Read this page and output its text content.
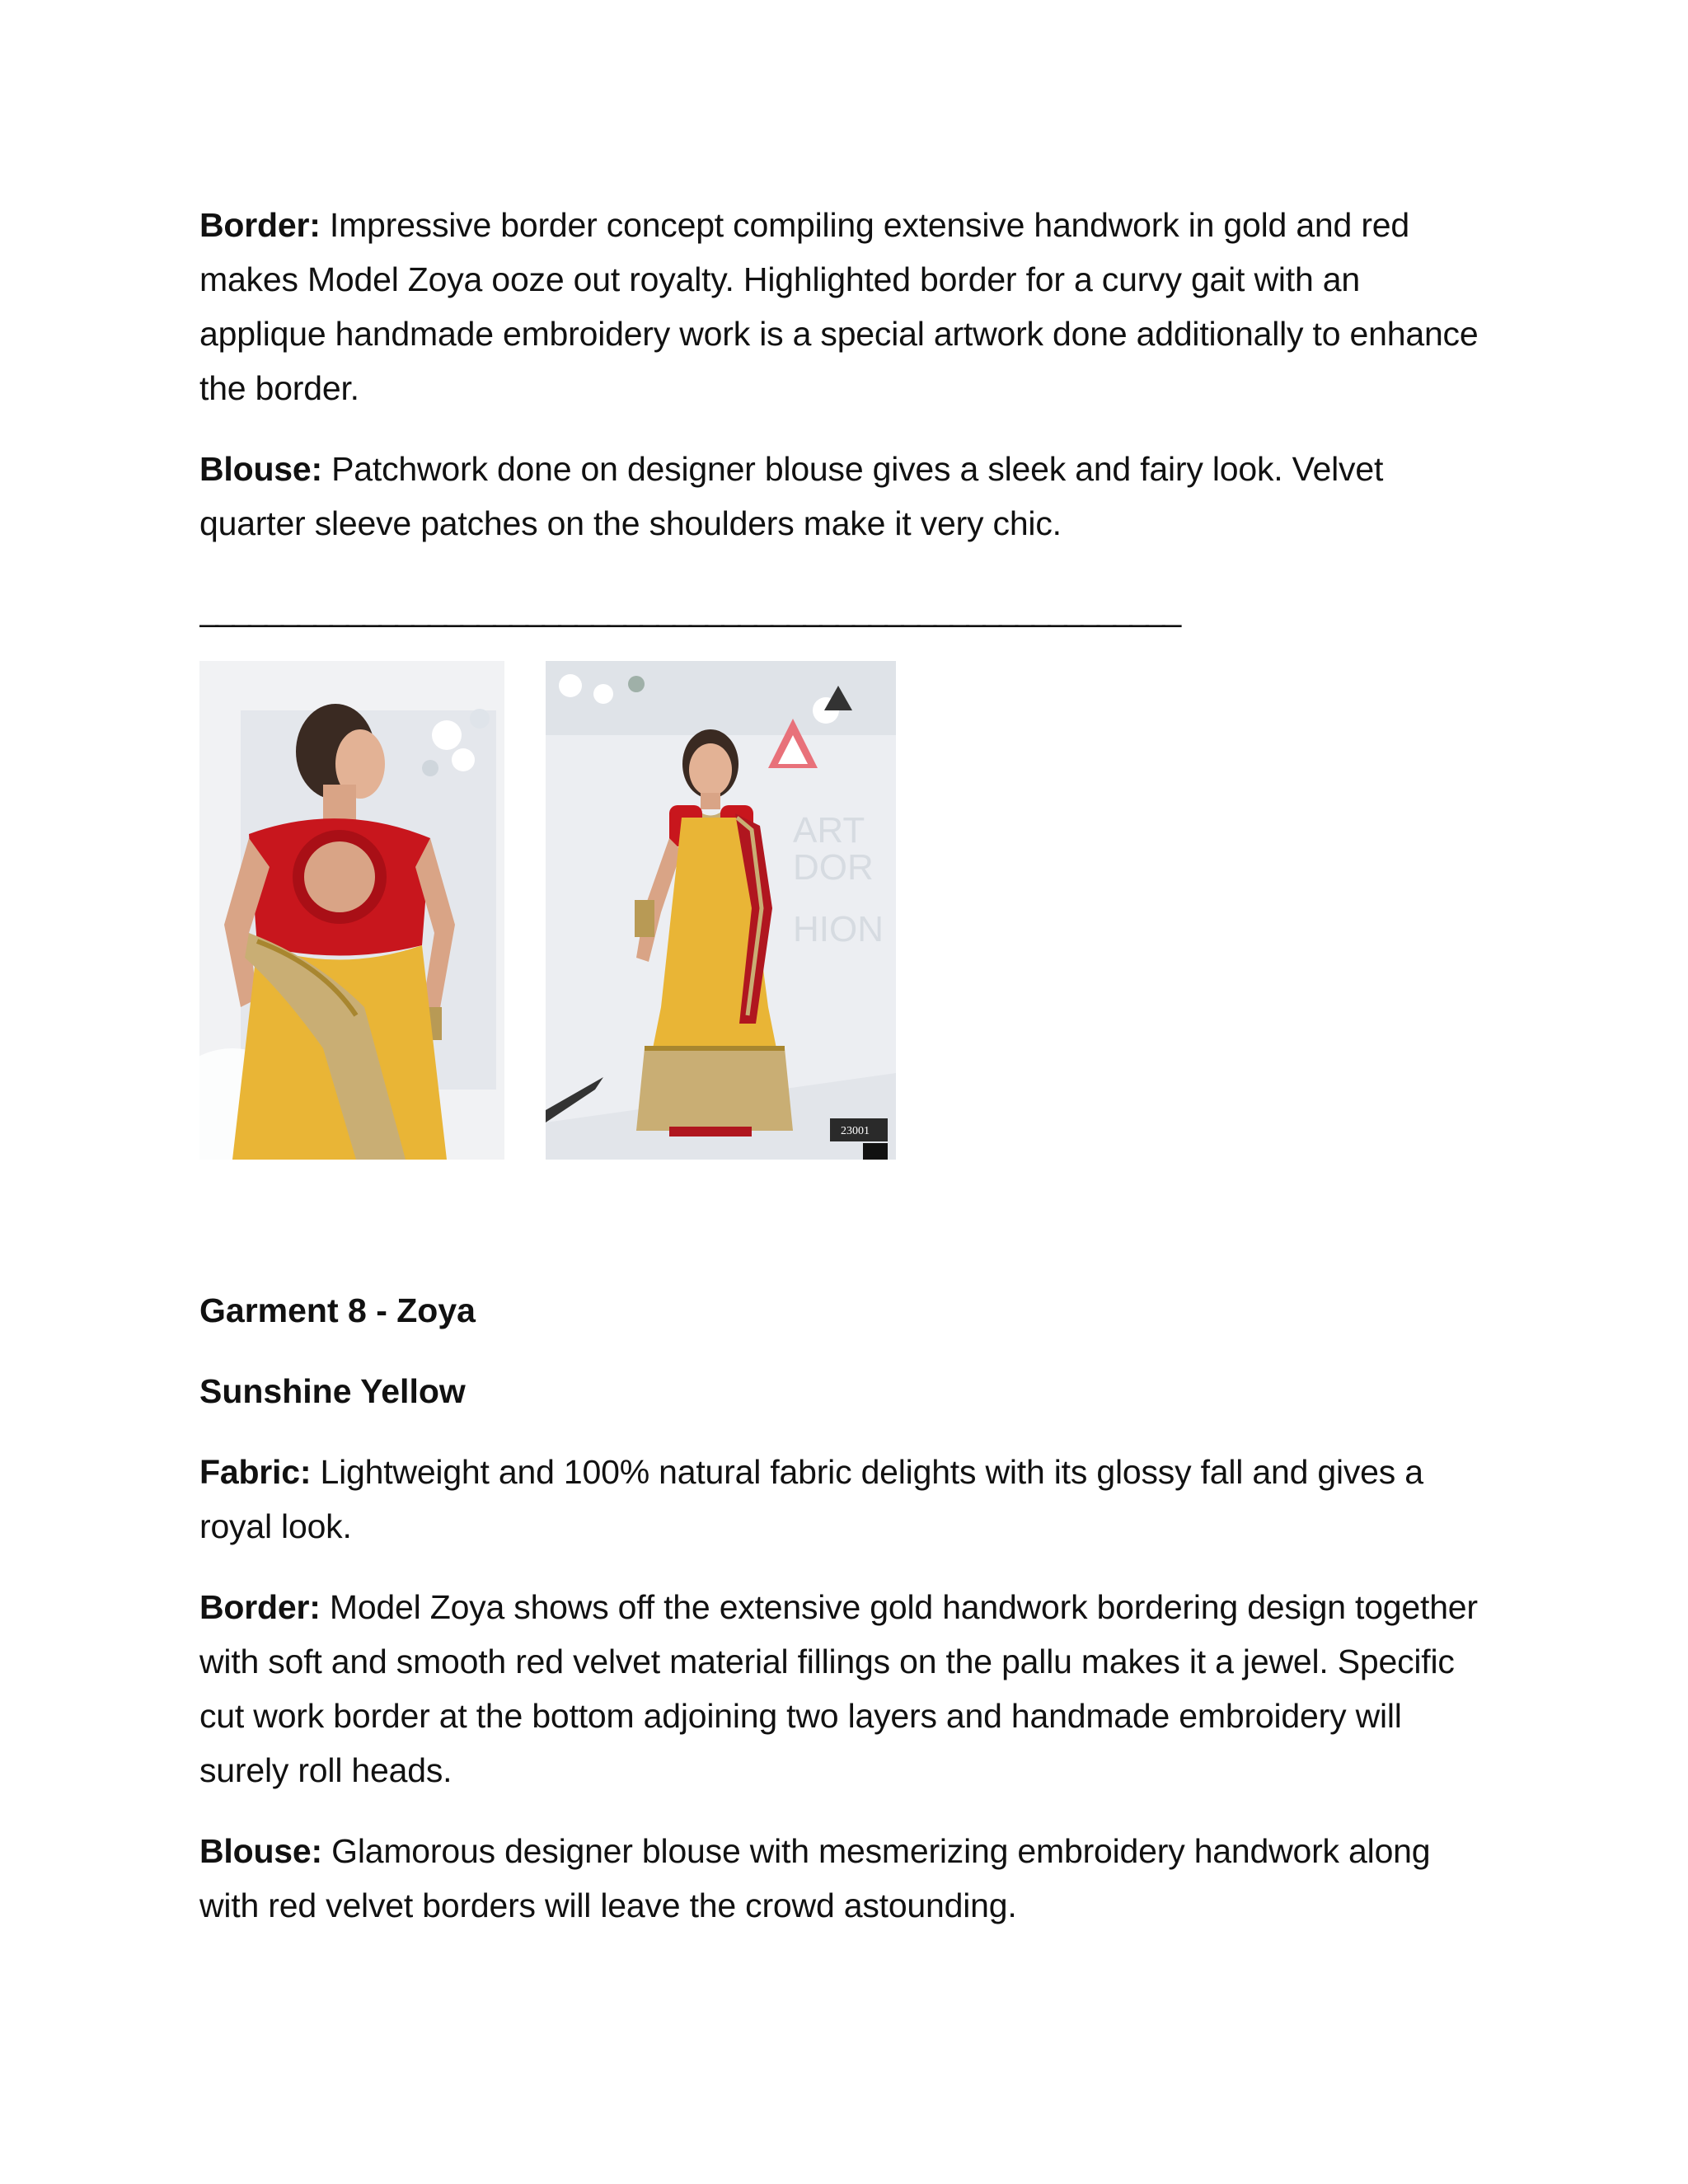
Border: Impressive border concept compiling extensive handwork in gold and red makes Model Zoya ooze out royalty. Highlighted border for a curvy gait with an applique handmade embroidery work is a special artwork done additionally to enhance the border.

Blouse: Patchwork done on designer blouse gives a sleek and fairy look. Velvet quarter sleeve patches on the shoulders make it very chic.

____________________________________________________________
ART
DOR
HION
23001
Garment 8 - Zoya
Sunshine Yellow

Fabric: Lightweight and 100% natural fabric delights with its glossy fall and gives a royal look.

Border: Model Zoya shows off the extensive gold handwork bordering design together with soft and smooth red velvet material fillings on the pallu makes it a jewel. Specific cut work border at the bottom adjoining two layers and handmade embroidery will surely roll heads.

Blouse: Glamorous designer blouse with mesmerizing embroidery handwork along with red velvet borders will leave the crowd astounding.
